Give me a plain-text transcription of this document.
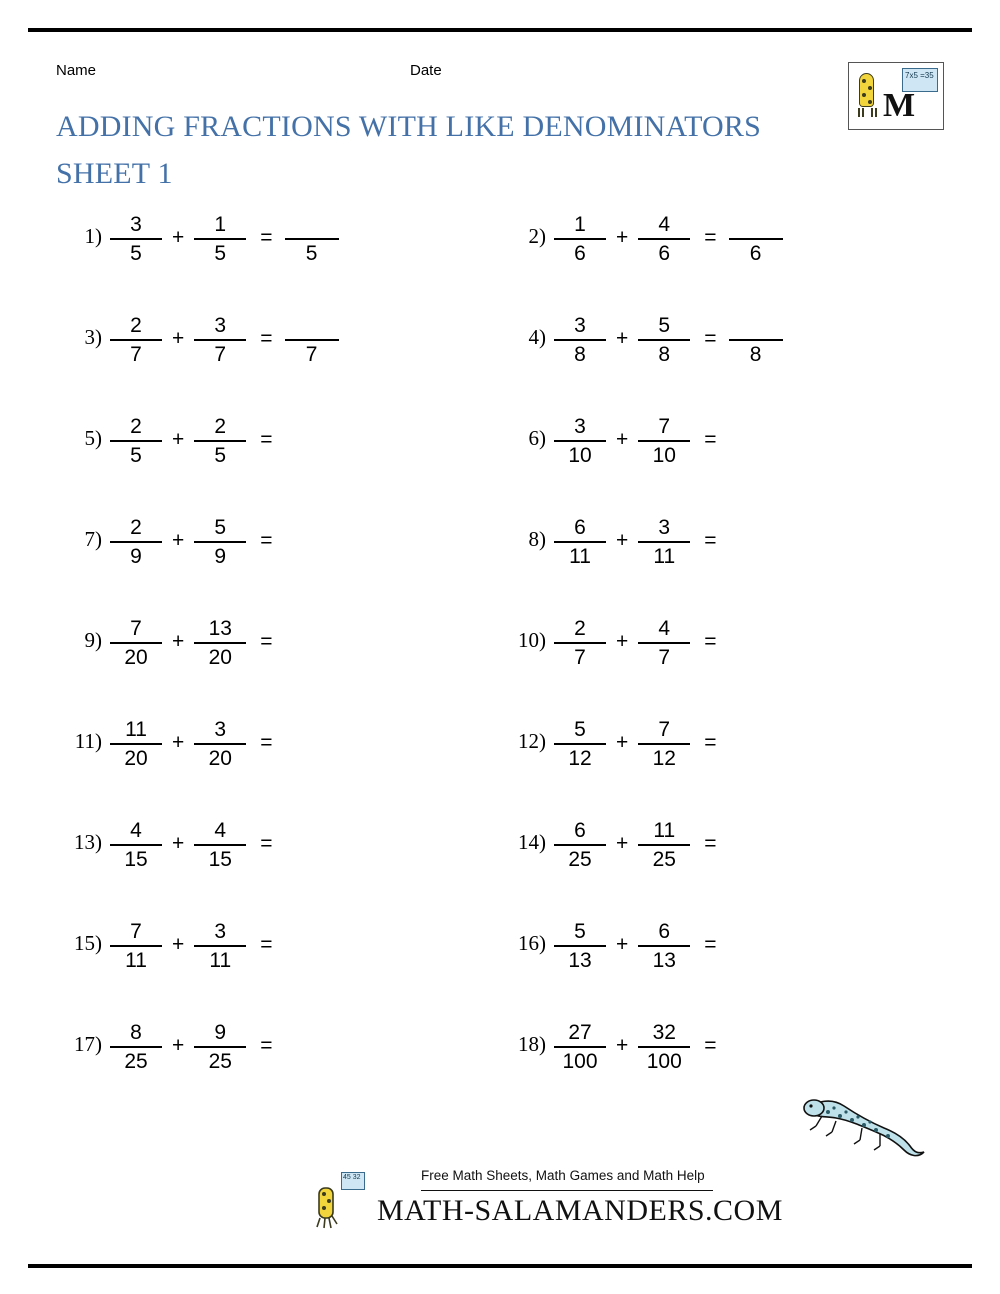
Name	Date
ADDING FRACTIONS WITH LIKE DENOMINATORS
SHEET 1
7x5 =35
M
$1) \frac{3}{5} + \frac{1}{5}$ =
5
$2) \frac{1}{6} + \frac{4}{6}$ =
6
$3) \frac{2}{7} + \frac{3}{7}$ =
7
$4) \frac{3}{8} + \frac{5}{8}$ =
8
$5) \frac{2}{5} + \frac{2}{5}$ =	$6) \frac{3}{10} + \frac{7}{10}$ =
$7) \frac{2}{9} + \frac{5}{9}$ =	$8) \frac{6}{11} + \frac{3}{11}$ =
$9) \frac{7}{20} + \frac{13}{20}$ =	$10) \frac{2}{7} + \frac{4}{7}$ =
$11) \frac{11}{20} + \frac{3}{20}$ =	$12) \frac{5}{12} + \frac{7}{12}$ =
$13) \frac{4}{15} + \frac{4}{15}$ =	$14) \frac{6}{25} + \frac{11}{25}$ =
$15) \frac{7}{11} + \frac{3}{11}$ =	$16) \frac{5}{13} + \frac{6}{13}$ =
$17) \frac{8}{25} + \frac{9}{25}$ =	$18) \frac{27}{100} + \frac{32}{100}$ =
45 32	Free Math Sheets, Math Games and Math Help
MATH-SALAMANDERS.COM
